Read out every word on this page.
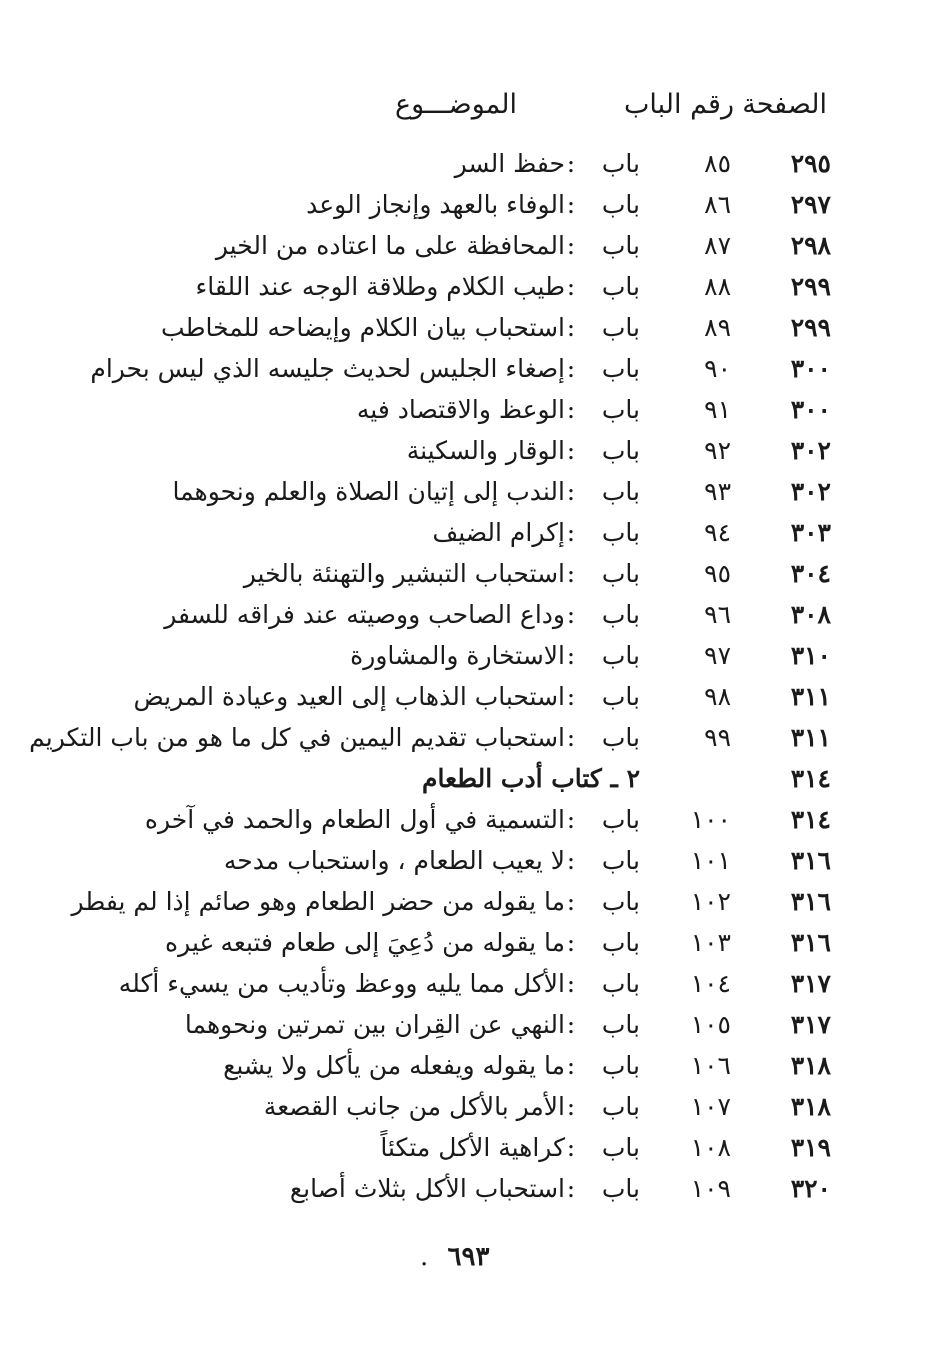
الصفحة
رقم الباب
الموضـــوع
٢٩٥
٨٥
باب
:
حفظ السر
٢٩٧
٨٦
باب
:
الوفاء بالعهد وإنجاز الوعد
٢٩٨
٨٧
باب
:
المحافظة على ما اعتاده من الخير
٢٩٩
٨٨
باب
:
طيب الكلام وطلاقة الوجه عند اللقاء
٢٩٩
٨٩
باب
:
استحباب بيان الكلام وإيضاحه للمخاطب
٣٠٠
٩٠
باب
:
إصغاء الجليس لحديث جليسه الذي ليس بحرام
٣٠٠
٩١
باب
:
الوعظ والاقتصاد فيه
٣٠٢
٩٢
باب
:
الوقار والسكينة
٣٠٢
٩٣
باب
:
الندب إلى إتيان الصلاة والعلم ونحوهما
٣٠٣
٩٤
باب
:
إكرام الضيف
٣٠٤
٩٥
باب
:
استحباب التبشير والتهنئة بالخير
٣٠٨
٩٦
باب
:
وداع الصاحب ووصيته عند فراقه للسفر
٣١٠
٩٧
باب
:
الاستخارة والمشاورة
٣١١
٩٨
باب
:
استحباب الذهاب إلى العيد وعيادة المريض
٣١١
٩٩
باب
:
استحباب تقديم اليمين في كل ما هو من باب التكريم
٣١٤
٢ ـ كتاب أدب الطعام
٣١٤
١٠٠
باب
:
التسمية في أول الطعام والحمد في آخره
٣١٦
١٠١
باب
:
لا يعيب الطعام ، واستحباب مدحه
٣١٦
١٠٢
باب
:
ما يقوله من حضر الطعام وهو صائم إذا لم يفطر
٣١٦
١٠٣
باب
:
ما يقوله من دُعِيَ إلى طعام فتبعه غيره
٣١٧
١٠٤
باب
:
الأكل مما يليه ووعظ وتأديب من يسيء أكله
٣١٧
١٠٥
باب
:
النهي عن القِران بين تمرتين ونحوهما
٣١٨
١٠٦
باب
:
ما يقوله ويفعله من يأكل ولا يشبع
٣١٨
١٠٧
باب
:
الأمر بالأكل من جانب القصعة
٣١٩
١٠٨
باب
:
كراهية الأكل متكئاً
٣٢٠
١٠٩
باب
:
استحباب الأكل بثلاث أصابع
. ٦٩٣
